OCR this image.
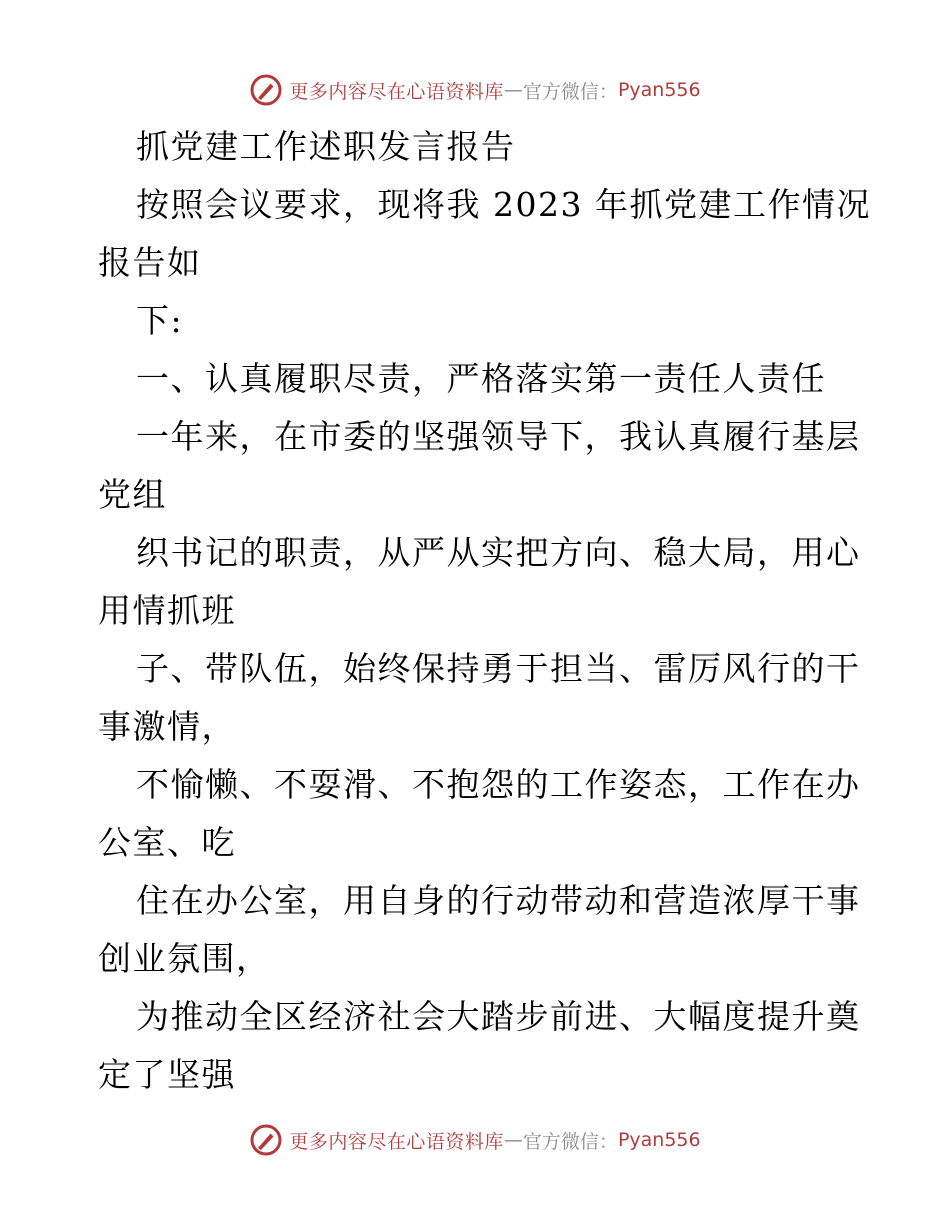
更多内容尽在心语资料库 — 官方微信： Pyan556
抓党建工作述职发言报告
按照会议要求，现将我 2023 年抓党建工作情况
报告如
下:
一、认真履职尽责，严格落实第一责任人责任
一年来，在市委的坚强领导下，我认真履行基层
党组
织书记的职责，从严从实把方向、稳大局，用心
用情抓班
子、带队伍，始终保持勇于担当、雷厉风行的干
事激情，
不愉懒、不耍滑、不抱怨的工作姿态，工作在办
公室、吃
住在办公室，用自身的行动带动和营造浓厚干事
创业氛围，
为推动全区经济社会大踏步前进、大幅度提升奠
定了坚强
更多内容尽在心语资料库 — 官方微信： Pyan556
